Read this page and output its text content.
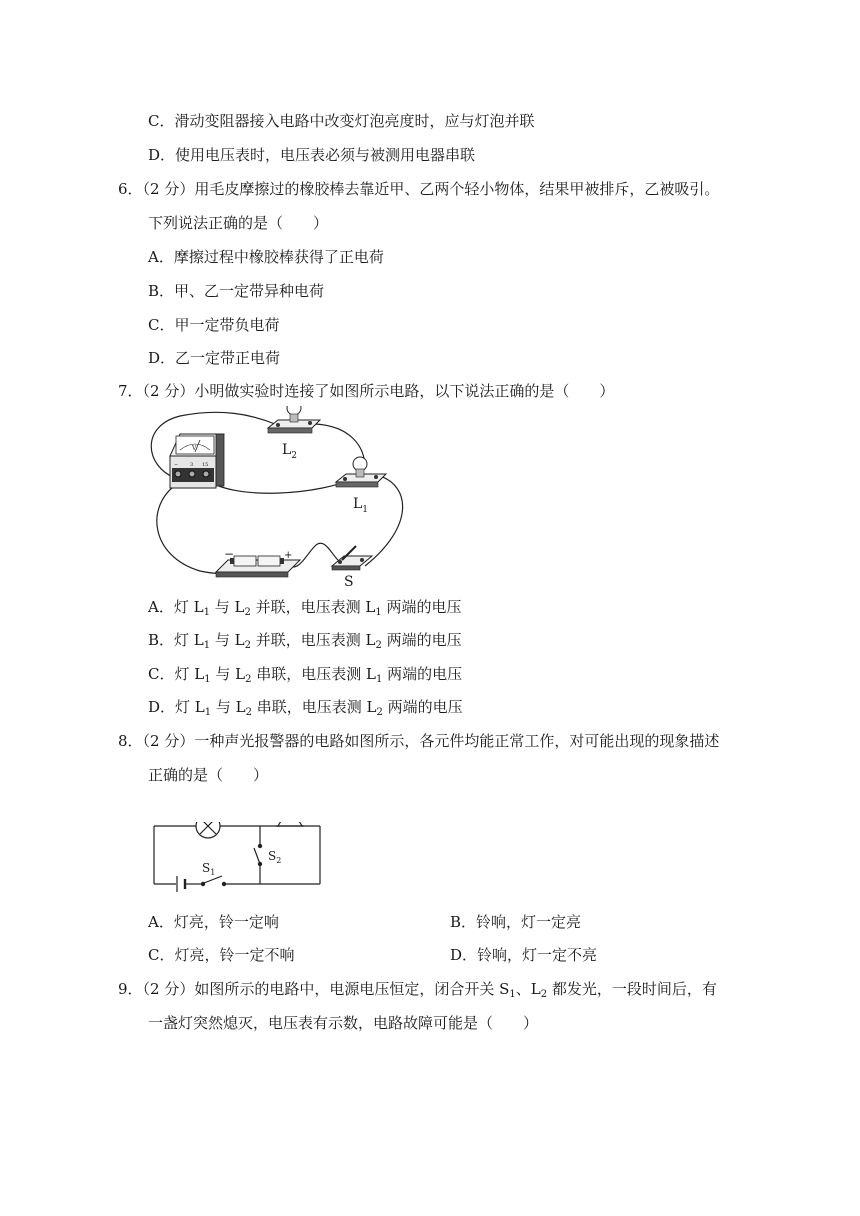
C．滑动变阻器接入电路中改变灯泡亮度时，应与灯泡并联
D．使用电压表时，电压表必须与被测用电器串联
6．（2 分）用毛皮摩擦过的橡胶棒去靠近甲、乙两个轻小物体，结果甲被排斥，乙被吸引。
下列说法正确的是（　　）
A．摩擦过程中橡胶棒获得了正电荷
B．甲、乙一定带异种电荷
C．甲一定带负电荷
D．乙一定带正电荷
7．（2 分）小明做实验时连接了如图所示电路，以下说法正确的是（　　）
V
− 3 15
$L_2$
$L_1$
−	+
S
A．灯 $L_1$ 与 $L_2$ 并联，电压表测 $L_1$ 两端的电压
B．灯 $L_1$ 与 $L_2$ 并联，电压表测 $L_2$ 两端的电压
C．灯 $L_1$ 与 $L_2$ 串联，电压表测 $L_1$ 两端的电压
D．灯 $L_1$ 与 $L_2$ 串联，电压表测 $L_2$ 两端的电压
8．（2 分）一种声光报警器的电路如图所示，各元件均能正常工作，对可能出现的现象描述
正确的是（　　）
$S_1$
$S_2$
A．灯亮，铃一定响	B．铃响，灯一定亮
C．灯亮，铃一定不响	D．铃响，灯一定不亮
9．（2 分）如图所示的电路中，电源电压恒定，闭合开关 $S_1$、$L_2$ 都发光，一段时间后，有
一盏灯突然熄灭，电压表有示数，电路故障可能是（　　）
